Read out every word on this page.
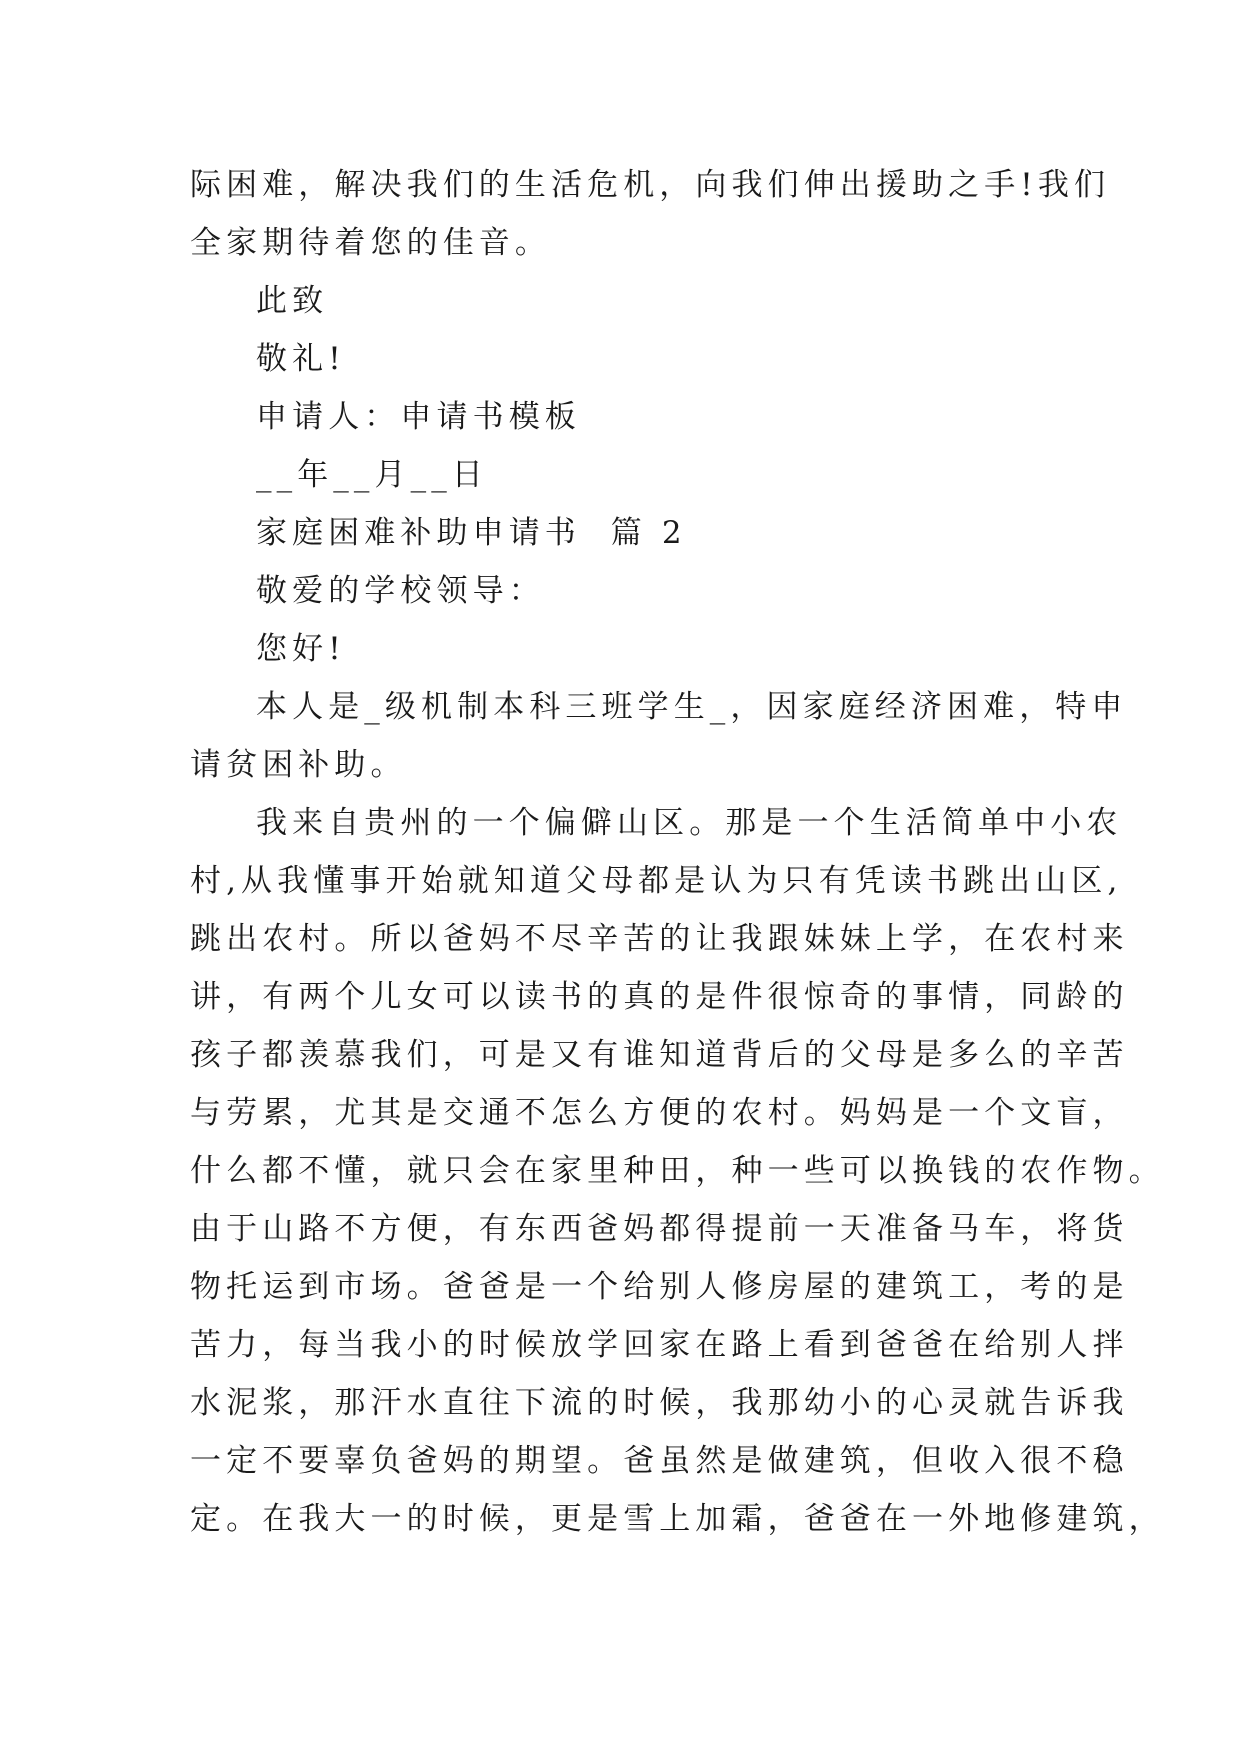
际困难，解决我们的生活危机，向我们伸出援助之手!我们
全家期待着您的佳音。

此致

敬礼!

申请人：申请书模板

__年__月__日

家庭困难补助申请书  篇 2

敬爱的学校领导：

您好!

本人是_级机制本科三班学生_，因家庭经济困难，特申
请贫困补助。

我来自贵州的一个偏僻山区。那是一个生活简单中小农
村,从我懂事开始就知道父母都是认为只有凭读书跳出山区,
跳出农村。所以爸妈不尽辛苦的让我跟妹妹上学，在农村来
讲，有两个儿女可以读书的真的是件很惊奇的事情，同龄的
孩子都羡慕我们，可是又有谁知道背后的父母是多么的辛苦
与劳累，尤其是交通不怎么方便的农村。妈妈是一个文盲，
什么都不懂，就只会在家里种田，种一些可以换钱的农作物。
由于山路不方便，有东西爸妈都得提前一天准备马车，将货
物托运到市场。爸爸是一个给别人修房屋的建筑工，考的是
苦力，每当我小的时候放学回家在路上看到爸爸在给别人拌
水泥浆，那汗水直往下流的时候，我那幼小的心灵就告诉我
一定不要辜负爸妈的期望。爸虽然是做建筑，但收入很不稳
定。在我大一的时候，更是雪上加霜，爸爸在一外地修建筑，
